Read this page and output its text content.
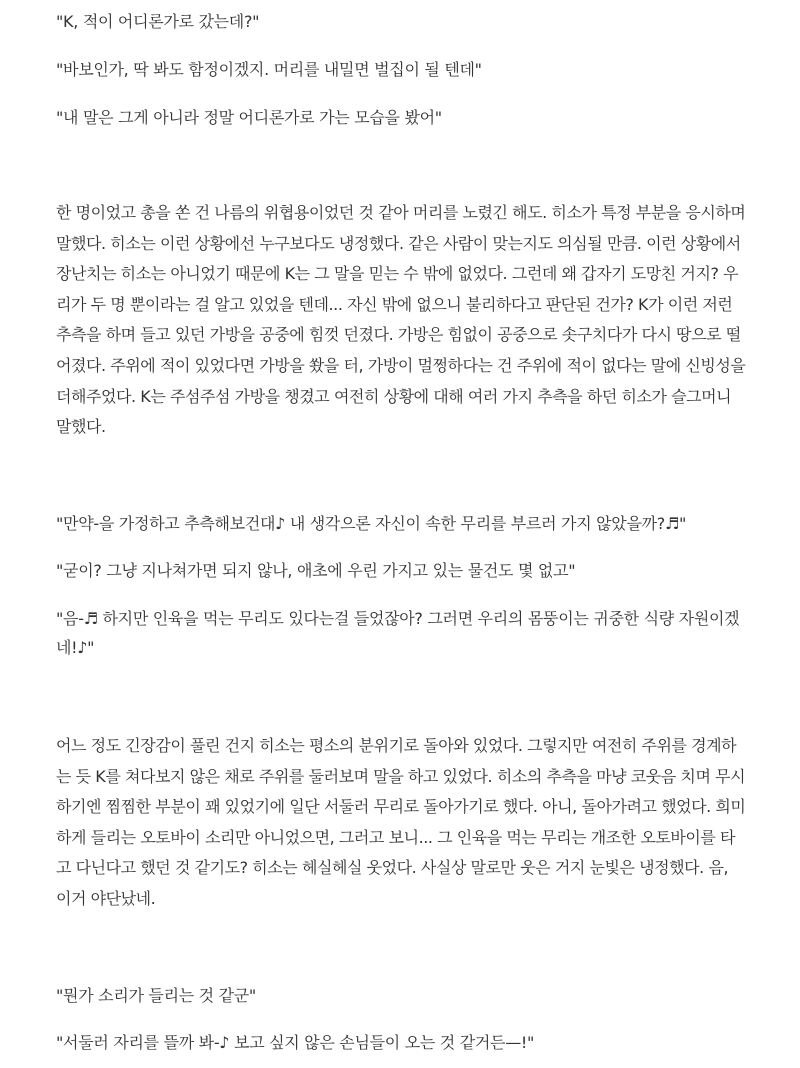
"K, 적이 어디론가로 갔는데?"

"바보인가, 딱 봐도 함정이겠지. 머리를 내밀면 벌집이 될 텐데"

"내 말은 그게 아니라 정말 어디론가로 가는 모습을 봤어"

한 명이었고 총을 쏜 건 나름의 위협용이었던 것 같아 머리를 노렸긴 해도. 히소가 특정 부분을 응시하며 말했다. 히소는 이런 상황에선 누구보다도 냉정했다. 같은 사람이 맞는지도 의심될 만큼. 이런 상황에서 장난치는 히소는 아니었기 때문에 K는 그 말을 믿는 수 밖에 없었다. 그런데 왜 갑자기 도망친 거지? 우리가 두 명 뿐이라는 걸 알고 있었을 텐데... 자신 밖에 없으니 불리하다고 판단된 건가? K가 이런 저런 추측을 하며 들고 있던 가방을 공중에 힘껏 던졌다. 가방은 힘없이 공중으로 솟구치다가 다시 땅으로 떨어졌다. 주위에 적이 있었다면 가방을 쐈을 터, 가방이 멀쩡하다는 건 주위에 적이 없다는 말에 신빙성을 더해주었다. K는 주섬주섬 가방을 챙겼고 여전히 상황에 대해 여러 가지 추측을 하던 히소가 슬그머니 말했다.

"만약-을 가정하고 추측해보건대♪ 내 생각으론 자신이 속한 무리를 부르러 가지 않았을까?♬"

"굳이? 그냥 지나쳐가면 되지 않나, 애초에 우린 가지고 있는 물건도 몇 없고"

"음-♬ 하지만 인육을 먹는 무리도 있다는걸 들었잖아? 그러면 우리의 몸뚱이는 귀중한 식량 자원이겠네!♪"

어느 정도 긴장감이 풀린 건지 히소는 평소의 분위기로 돌아와 있었다. 그렇지만 여전히 주위를 경계하는 듯 K를 쳐다보지 않은 채로 주위를 둘러보며 말을 하고 있었다. 히소의 추측을 마냥 코웃음 치며 무시하기엔 찜찜한 부분이 꽤 있었기에 일단 서둘러 무리로 돌아가기로 했다. 아니, 돌아가려고 했었다. 희미하게 들리는 오토바이 소리만 아니었으면, 그러고 보니... 그 인육을 먹는 무리는 개조한 오토바이를 타고 다닌다고 했던 것 같기도? 히소는 헤실헤실 웃었다. 사실상 말로만 웃은 거지 눈빛은 냉정했다. 음, 이거 야단났네.

"뭔가 소리가 들리는 것 같군"

"서둘러 자리를 뜰까 봐-♪ 보고 싶지 않은 손님들이 오는 것 같거든—!"
